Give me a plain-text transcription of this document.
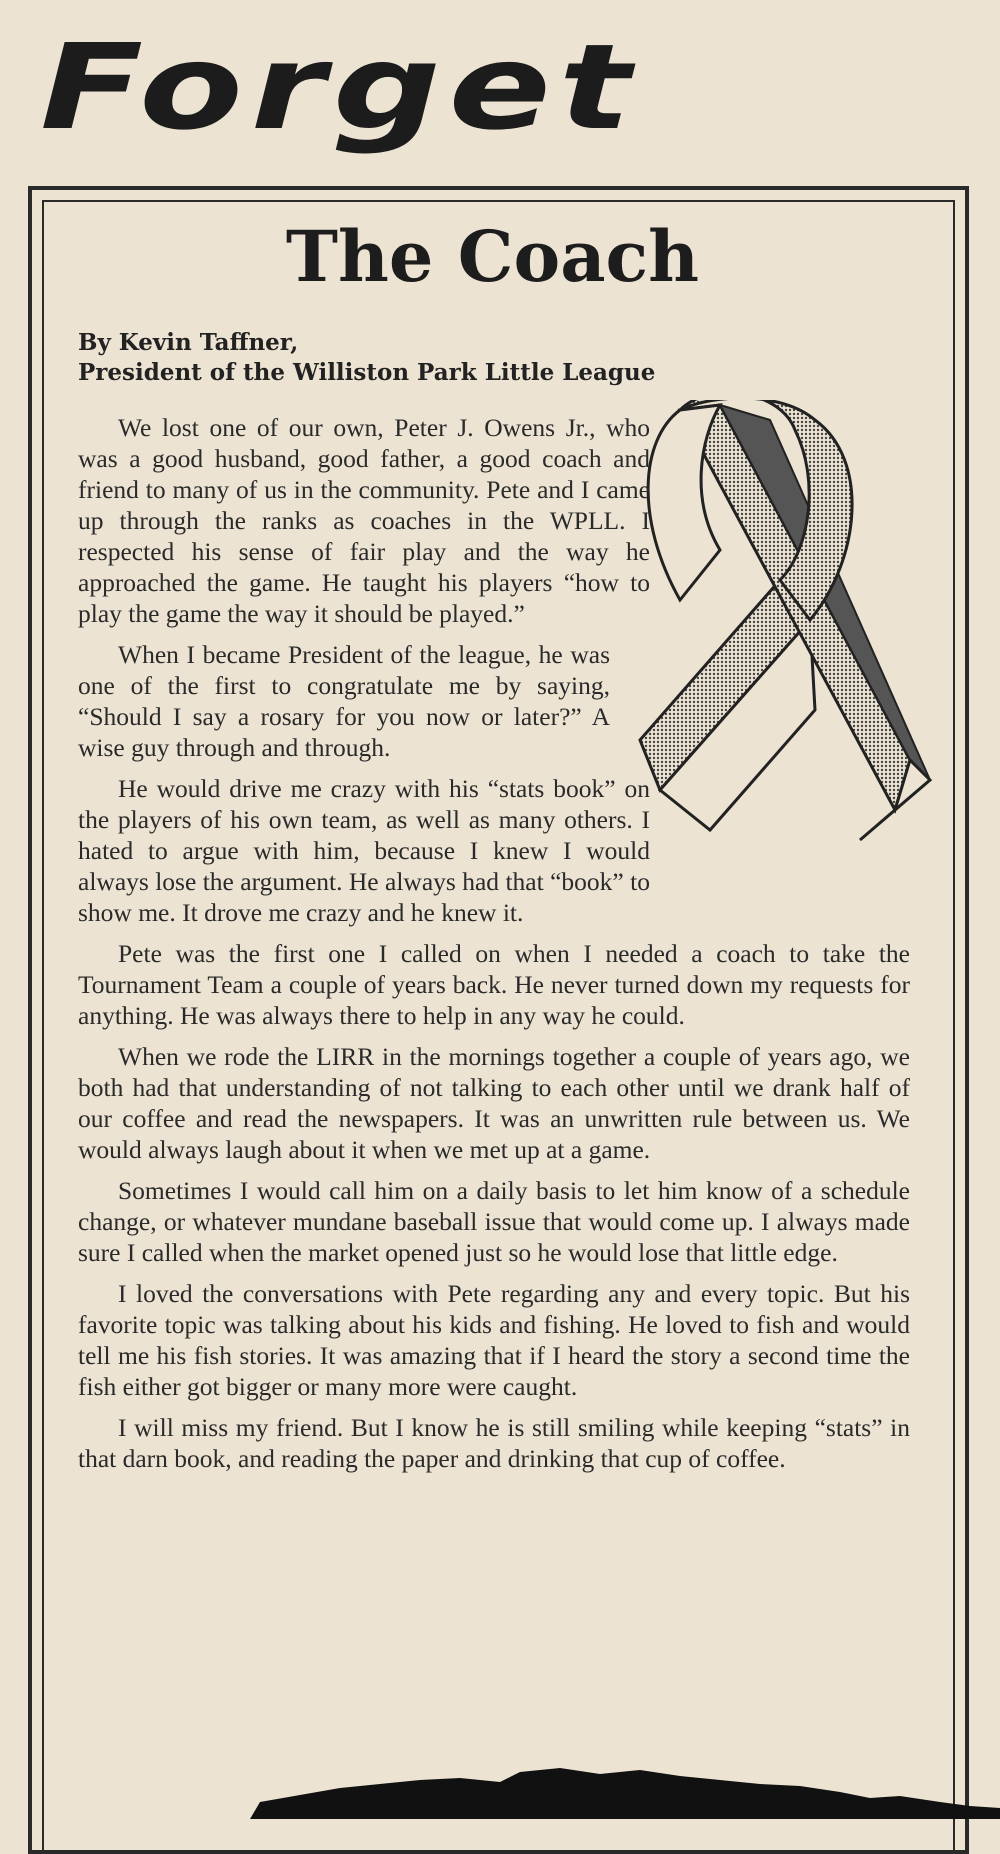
Forget
The Coach
By Kevin Taffner,
President of the Williston Park Little League

We lost one of our own, Peter J. Owens Jr., who was a good husband, good father, a good coach and friend to many of us in the community. Pete and I came up through the ranks as coaches in the WPLL. I respected his sense of fair play and the way he approached the game. He taught his players “how to play the game the way it should be played.”

When I became President of the league, he was one of the first to congratulate me by saying, “Should I say a rosary for you now or later?” A wise guy through and through.

He would drive me crazy with his “stats book” on the players of his own team, as well as many others. I hated to argue with him, because I knew I would always lose the argument. He always had that “book” to show me. It drove me crazy and he knew it.

Pete was the first one I called on when I needed a coach to take the Tournament Team a couple of years back. He never turned down my requests for anything. He was always there to help in any way he could.

When we rode the LIRR in the mornings together a couple of years ago, we both had that understanding of not talking to each other until we drank half of our coffee and read the newspapers. It was an unwritten rule between us. We would always laugh about it when we met up at a game.

Sometimes I would call him on a daily basis to let him know of a schedule change, or whatever mundane baseball issue that would come up. I always made sure I called when the market opened just so he would lose that little edge.

I loved the conversations with Pete regarding any and every topic. But his favorite topic was talking about his kids and fishing. He loved to fish and would tell me his fish stories. It was amazing that if I heard the story a second time the fish either got bigger or many more were caught.

I will miss my friend. But I know he is still smiling while keeping “stats” in that darn book, and reading the paper and drinking that cup of coffee.
